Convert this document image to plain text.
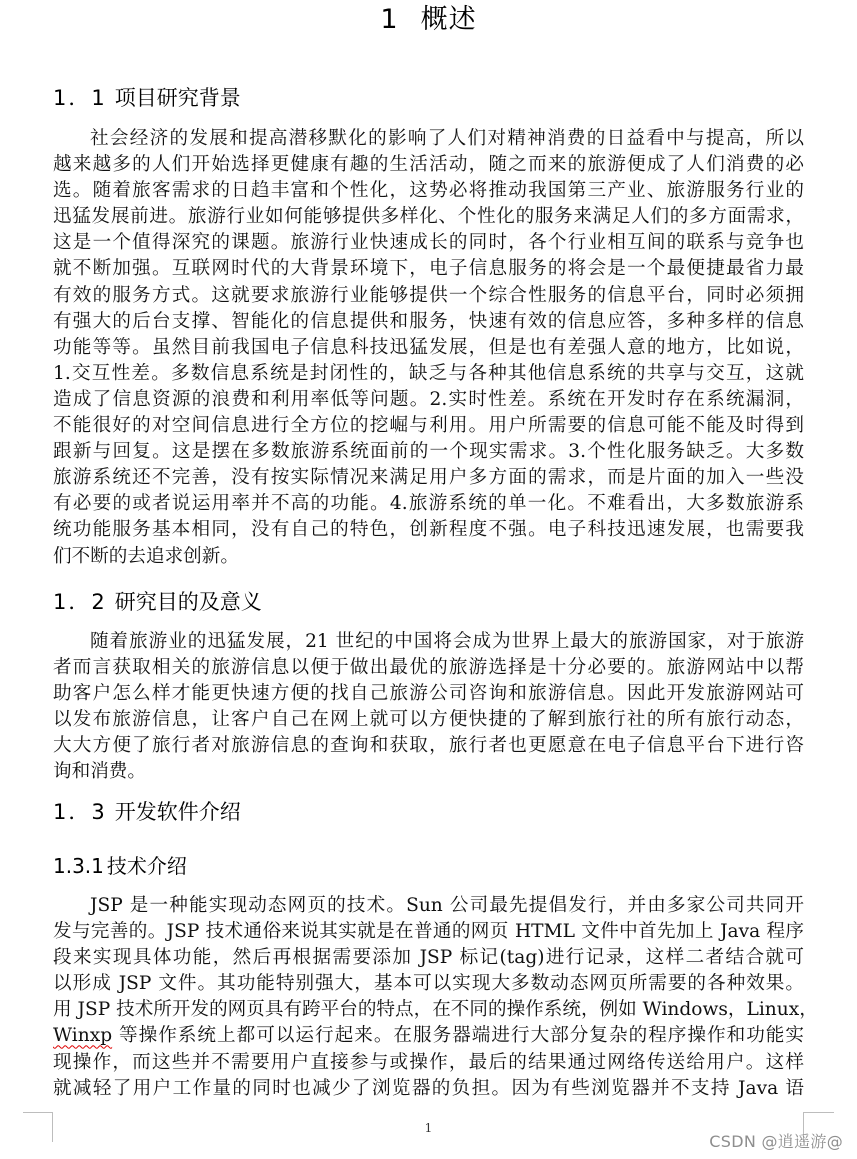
1 概述
1．1 项目研究背景
社会经济的发展和提高潜移默化的影响了人们对精神消费的日益看中与提高，所以
越来越多的人们开始选择更健康有趣的生活活动，随之而来的旅游便成了人们消费的必
选。随着旅客需求的日趋丰富和个性化，这势必将推动我国第三产业、旅游服务行业的
迅猛发展前进。旅游行业如何能够提供多样化、个性化的服务来满足人们的多方面需求，
这是一个值得深究的课题。旅游行业快速成长的同时，各个行业相互间的联系与竞争也
就不断加强。互联网时代的大背景环境下，电子信息服务的将会是一个最便捷最省力最
有效的服务方式。这就要求旅游行业能够提供一个综合性服务的信息平台，同时必须拥
有强大的后台支撑、智能化的信息提供和服务，快速有效的信息应答，多种多样的信息
功能等等。虽然目前我国电子信息科技迅猛发展，但是也有差强人意的地方，比如说，
1.交互性差。多数信息系统是封闭性的，缺乏与各种其他信息系统的共享与交互，这就
造成了信息资源的浪费和利用率低等问题。2.实时性差。系统在开发时存在系统漏洞，
不能很好的对空间信息进行全方位的挖崛与利用。用户所需要的信息可能不能及时得到
跟新与回复。这是摆在多数旅游系统面前的一个现实需求。3.个性化服务缺乏。大多数
旅游系统还不完善，没有按实际情况来满足用户多方面的需求，而是片面的加入一些没
有必要的或者说运用率并不高的功能。4.旅游系统的单一化。不难看出，大多数旅游系
统功能服务基本相同，没有自己的特色，创新程度不强。电子科技迅速发展，也需要我
们不断的去追求创新。
1．2 研究目的及意义
随着旅游业的迅猛发展，21 世纪的中国将会成为世界上最大的旅游国家，对于旅游
者而言获取相关的旅游信息以便于做出最优的旅游选择是十分必要的。旅游网站中以帮
助客户怎么样才能更快速方便的找自己旅游公司咨询和旅游信息。因此开发旅游网站可
以发布旅游信息，让客户自己在网上就可以方便快捷的了解到旅行社的所有旅行动态，
大大方便了旅行者对旅游信息的查询和获取，旅行者也更愿意在电子信息平台下进行咨
询和消费。
1．3 开发软件介绍
1.3.1 技术介绍
JSP 是一种能实现动态网页的技术。Sun 公司最先提倡发行，并由多家公司共同开
发与完善的。JSP 技术通俗来说其实就是在普通的网页 HTML 文件中首先加上 Java 程序
段来实现具体功能，然后再根据需要添加 JSP 标记(tag)进行记录，这样二者结合就可
以形成 JSP 文件。其功能特别强大，基本可以实现大多数动态网页所需要的各种效果。
用 JSP 技术所开发的网页具有跨平台的特点，在不同的操作系统，例如 Windows，Linux，
Winxp 等操作系统上都可以运行起来。在服务器端进行大部分复杂的程序操作和功能实
现操作，而这些并不需要用户直接参与或操作，最后的结果通过网络传送给用户。这样
就减轻了用户工作量的同时也减少了浏览器的负担。因为有些浏览器并不支持 Java 语
1
CSDN @逍遥游@
